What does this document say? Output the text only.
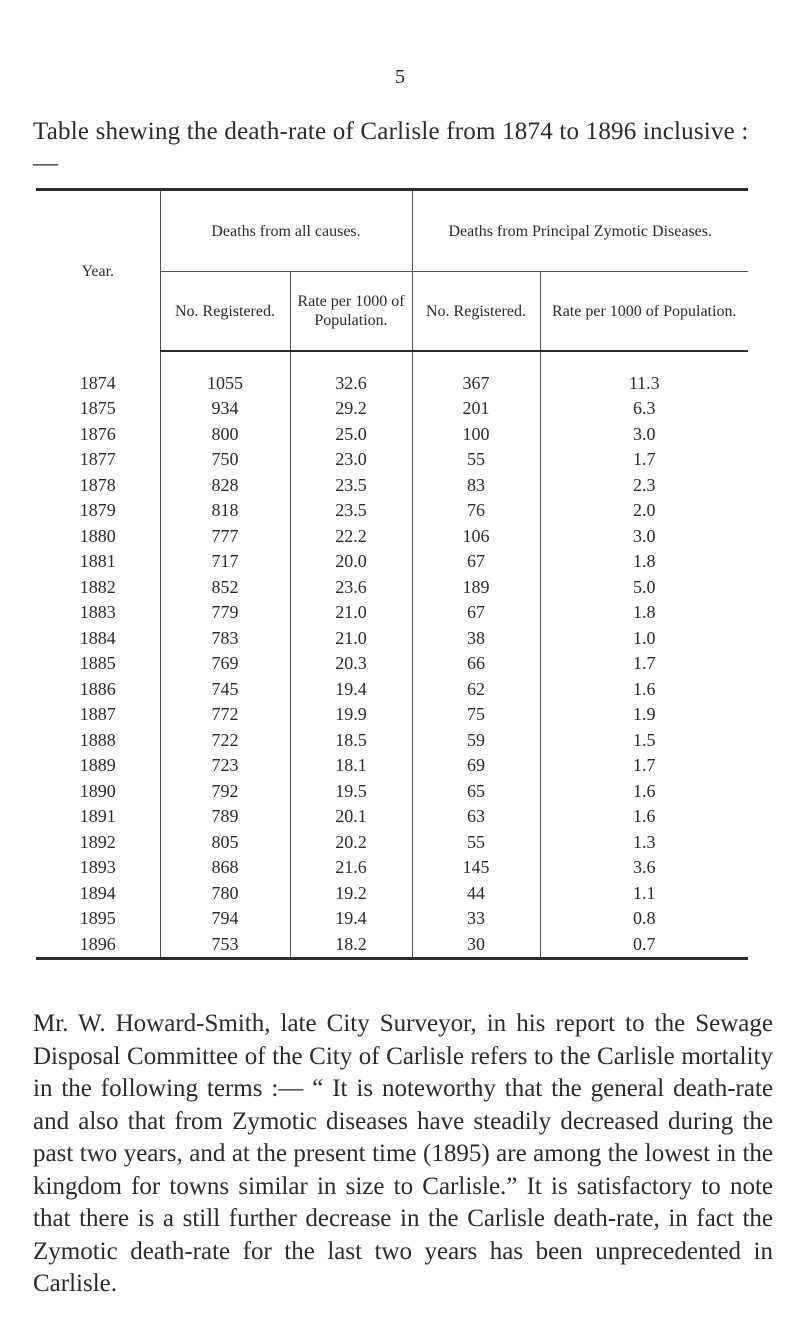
5
Table shewing the death-rate of Carlisle from 1874 to 1896 inclusive :—
Year.	Deaths from all causes.		Deaths from Principal Zymotic Diseases.	
	No. Registered.	Rate per 1000 of Population.	No. Registered.	Rate per 1000 of Population.

1874	1055	32.6	367	11.3
1875	934	29.2	201	6.3
1876	800	25.0	100	3.0
1877	750	23.0	55	1.7
1878	828	23.5	83	2.3
1879	818	23.5	76	2.0
1880	777	22.2	106	3.0
1881	717	20.0	67	1.8
1882	852	23.6	189	5.0
1883	779	21.0	67	1.8
1884	783	21.0	38	1.0
1885	769	20.3	66	1.7
1886	745	19.4	62	1.6
1887	772	19.9	75	1.9
1888	722	18.5	59	1.5
1889	723	18.1	69	1.7
1890	792	19.5	65	1.6
1891	789	20.1	63	1.6
1892	805	20.2	55	1.3
1893	868	21.6	145	3.6
1894	780	19.2	44	1.1
1895	794	19.4	33	0.8
1896	753	18.2	30	0.7
Mr. W. Howard-Smith, late City Surveyor, in his report to the Sewage Disposal Committee of the City of Carlisle refers to the Carlisle mortality in the following terms :— “ It is noteworthy that the general death-rate and also that from Zymotic diseases have steadily decreased during the past two years, and at the present time (1895) are among the lowest in the kingdom for towns similar in size to Carlisle.” It is satisfactory to note that there is a still further decrease in the Carlisle death-rate, in fact the Zymotic death-rate for the last two years has been unprecedented in Carlisle.
